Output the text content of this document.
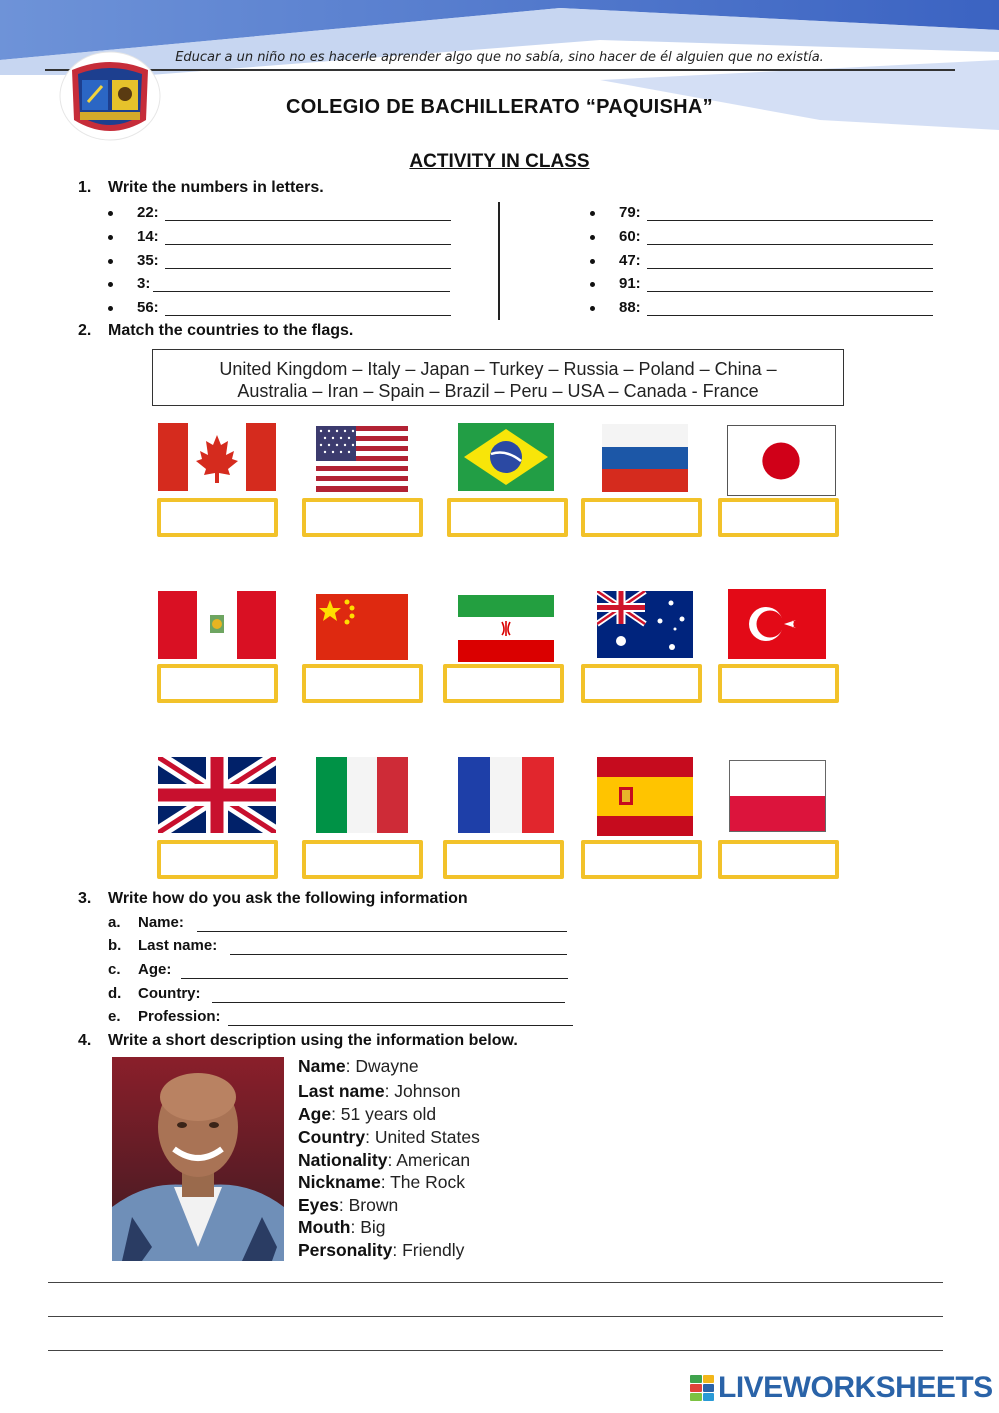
Educar a un niño no es hacerle aprender algo que no sabía, sino hacer de él alguien que no existía.
COLEGIO DE BACHILLERATO “PAQUISHA”
ACTIVITY IN CLASS
1. Write the numbers in letters.
22:
14:
35:
3:
56:
79:
60:
47:
91:
88:
2. Match the countries to the flags.
United Kingdom – Italy – Japan – Turkey – Russia – Poland – China –
Australia – Iran – Spain – Brazil – Peru – USA – Canada - France
3. Write how do you ask the following information
a. Name:
b. Last name:
c. Age:
d. Country:
e. Profession:
4. Write a short description using the information below.
Name: Dwayne
Last name: Johnson
Age: 51 years old
Country: United States
Nationality: American
Nickname: The Rock
Eyes: Brown
Mouth: Big
Personality: Friendly
LIVEWORKSHEETS
